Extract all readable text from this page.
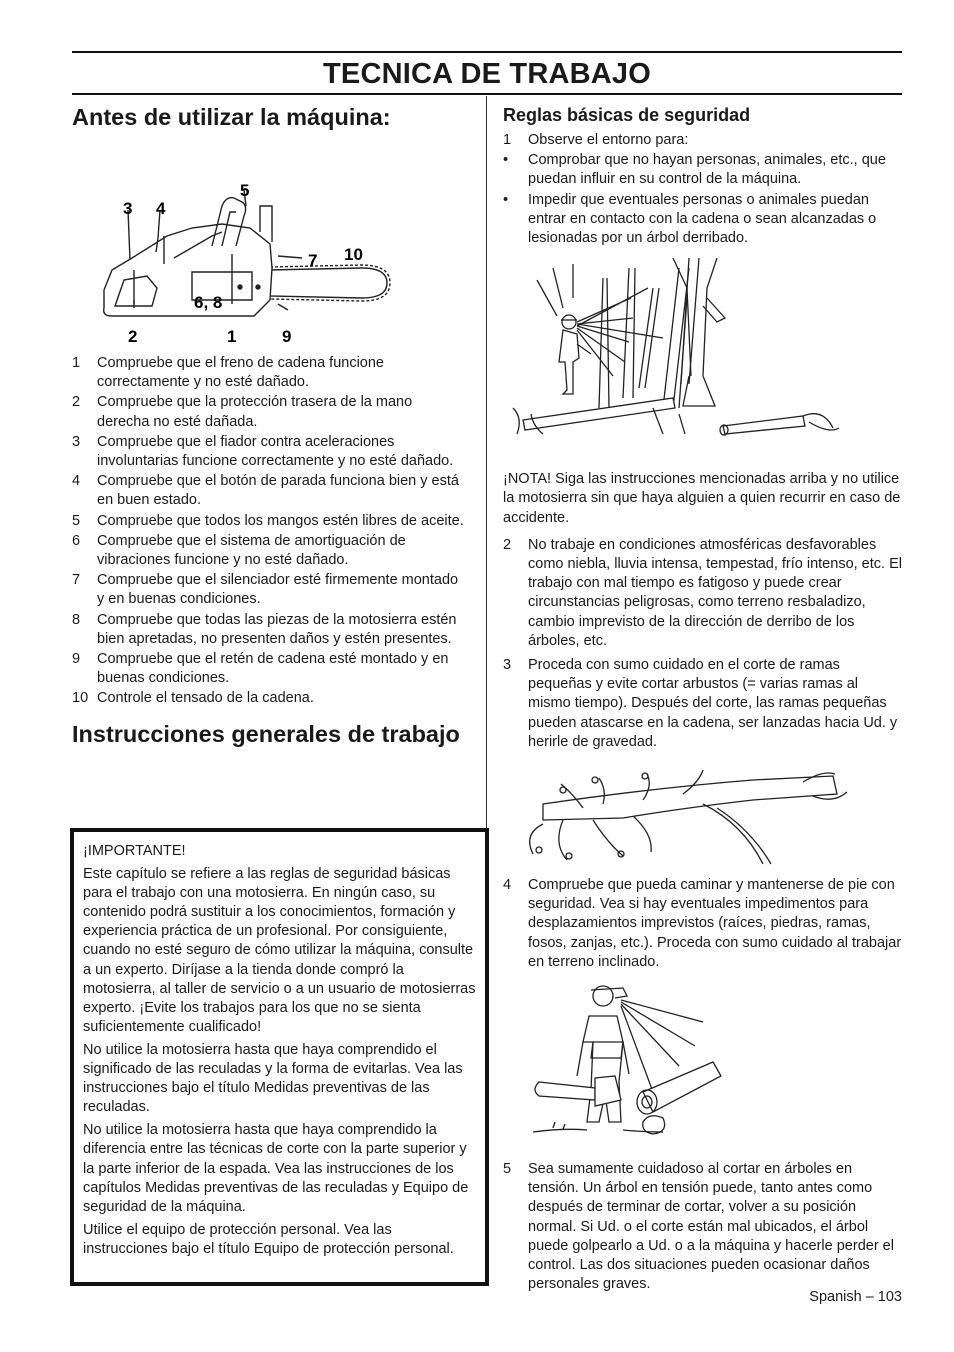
TECNICA DE TRABAJO
Antes de utilizar la máquina:
3 4
5
7 10
6, 8
2	1	9
1 Compruebe que el freno de cadena funcione correctamente y no esté dañado.
2 Compruebe que la protección trasera de la mano derecha no esté dañada.
3 Compruebe que el fiador contra aceleraciones involuntarias funcione correctamente y no esté dañado.
4 Compruebe que el botón de parada funciona bien y está en buen estado.
5 Compruebe que todos los mangos estén libres de aceite.
6 Compruebe que el sistema de amortiguación de vibraciones funcione y no esté dañado.
7 Compruebe que el silenciador esté firmemente montado y en buenas condiciones.
8 Compruebe que todas las piezas de la motosierra estén bien apretadas, no presenten daños y estén presentes.
9 Compruebe que el retén de cadena esté montado y en buenas condiciones.
10 Controle el tensado de la cadena.
Instrucciones generales de trabajo

¡IMPORTANTE!

Este capítulo se refiere a las reglas de seguridad básicas para el trabajo con una motosierra. En ningún caso, su contenido podrá sustituir a los conocimientos, formación y experiencia práctica de un profesional. Por consiguiente, cuando no esté seguro de cómo utilizar la máquina, consulte a un experto. Diríjase a la tienda donde compró la motosierra, al taller de servicio o a un usuario de motosierras experto. ¡Evite los trabajos para los que no se sienta suficientemente cualificado!

No utilice la motosierra hasta que haya comprendido el significado de las reculadas y la forma de evitarlas. Vea las instrucciones bajo el título Medidas preventivas de las reculadas.

No utilice la motosierra hasta que haya comprendido la diferencia entre las técnicas de corte con la parte superior y la parte inferior de la espada. Vea las instrucciones de los capítulos Medidas preventivas de las reculadas y Equipo de seguridad de la máquina.

Utilice el equipo de protección personal. Vea las instrucciones bajo el título Equipo de protección personal.

Reglas básicas de seguridad
1 Observe el entorno para:
• Comprobar que no hayan personas, animales, etc., que puedan influir en su control de la máquina.
• Impedir que eventuales personas o animales puedan entrar en contacto con la cadena o sean alcanzadas o lesionadas por un árbol derribado.

¡NOTA! Siga las instrucciones mencionadas arriba y no utilice la motosierra sin que haya alguien a quien recurrir en caso de accidente.

2 No trabaje en condiciones atmosféricas desfavorables como niebla, lluvia intensa, tempestad, frío intenso, etc. El trabajo con mal tiempo es fatigoso y puede crear circunstancias peligrosas, como terreno resbaladizo, cambio imprevisto de la dirección de derribo de los árboles, etc.
3 Proceda con sumo cuidado en el corte de ramas pequeñas y evite cortar arbustos (= varias ramas al mismo tiempo). Después del corte, las ramas pequeñas pueden atascarse en la cadena, ser lanzadas hacia Ud. y herirle de gravedad.
4 Compruebe que pueda caminar y mantenerse de pie con seguridad. Vea si hay eventuales impedimentos para desplazamientos imprevistos (raíces, piedras, ramas, fosos, zanjas, etc.). Proceda con sumo cuidado al trabajar en terreno inclinado.
5 Sea sumamente cuidadoso al cortar en árboles en tensión. Un árbol en tensión puede, tanto antes como después de terminar de cortar, volver a su posición normal. Si Ud. o el corte están mal ubicados, el árbol puede golpearlo a Ud. o a la máquina y hacerle perder el control. Las dos situaciones pueden ocasionar daños personales graves.
Spanish – 103
